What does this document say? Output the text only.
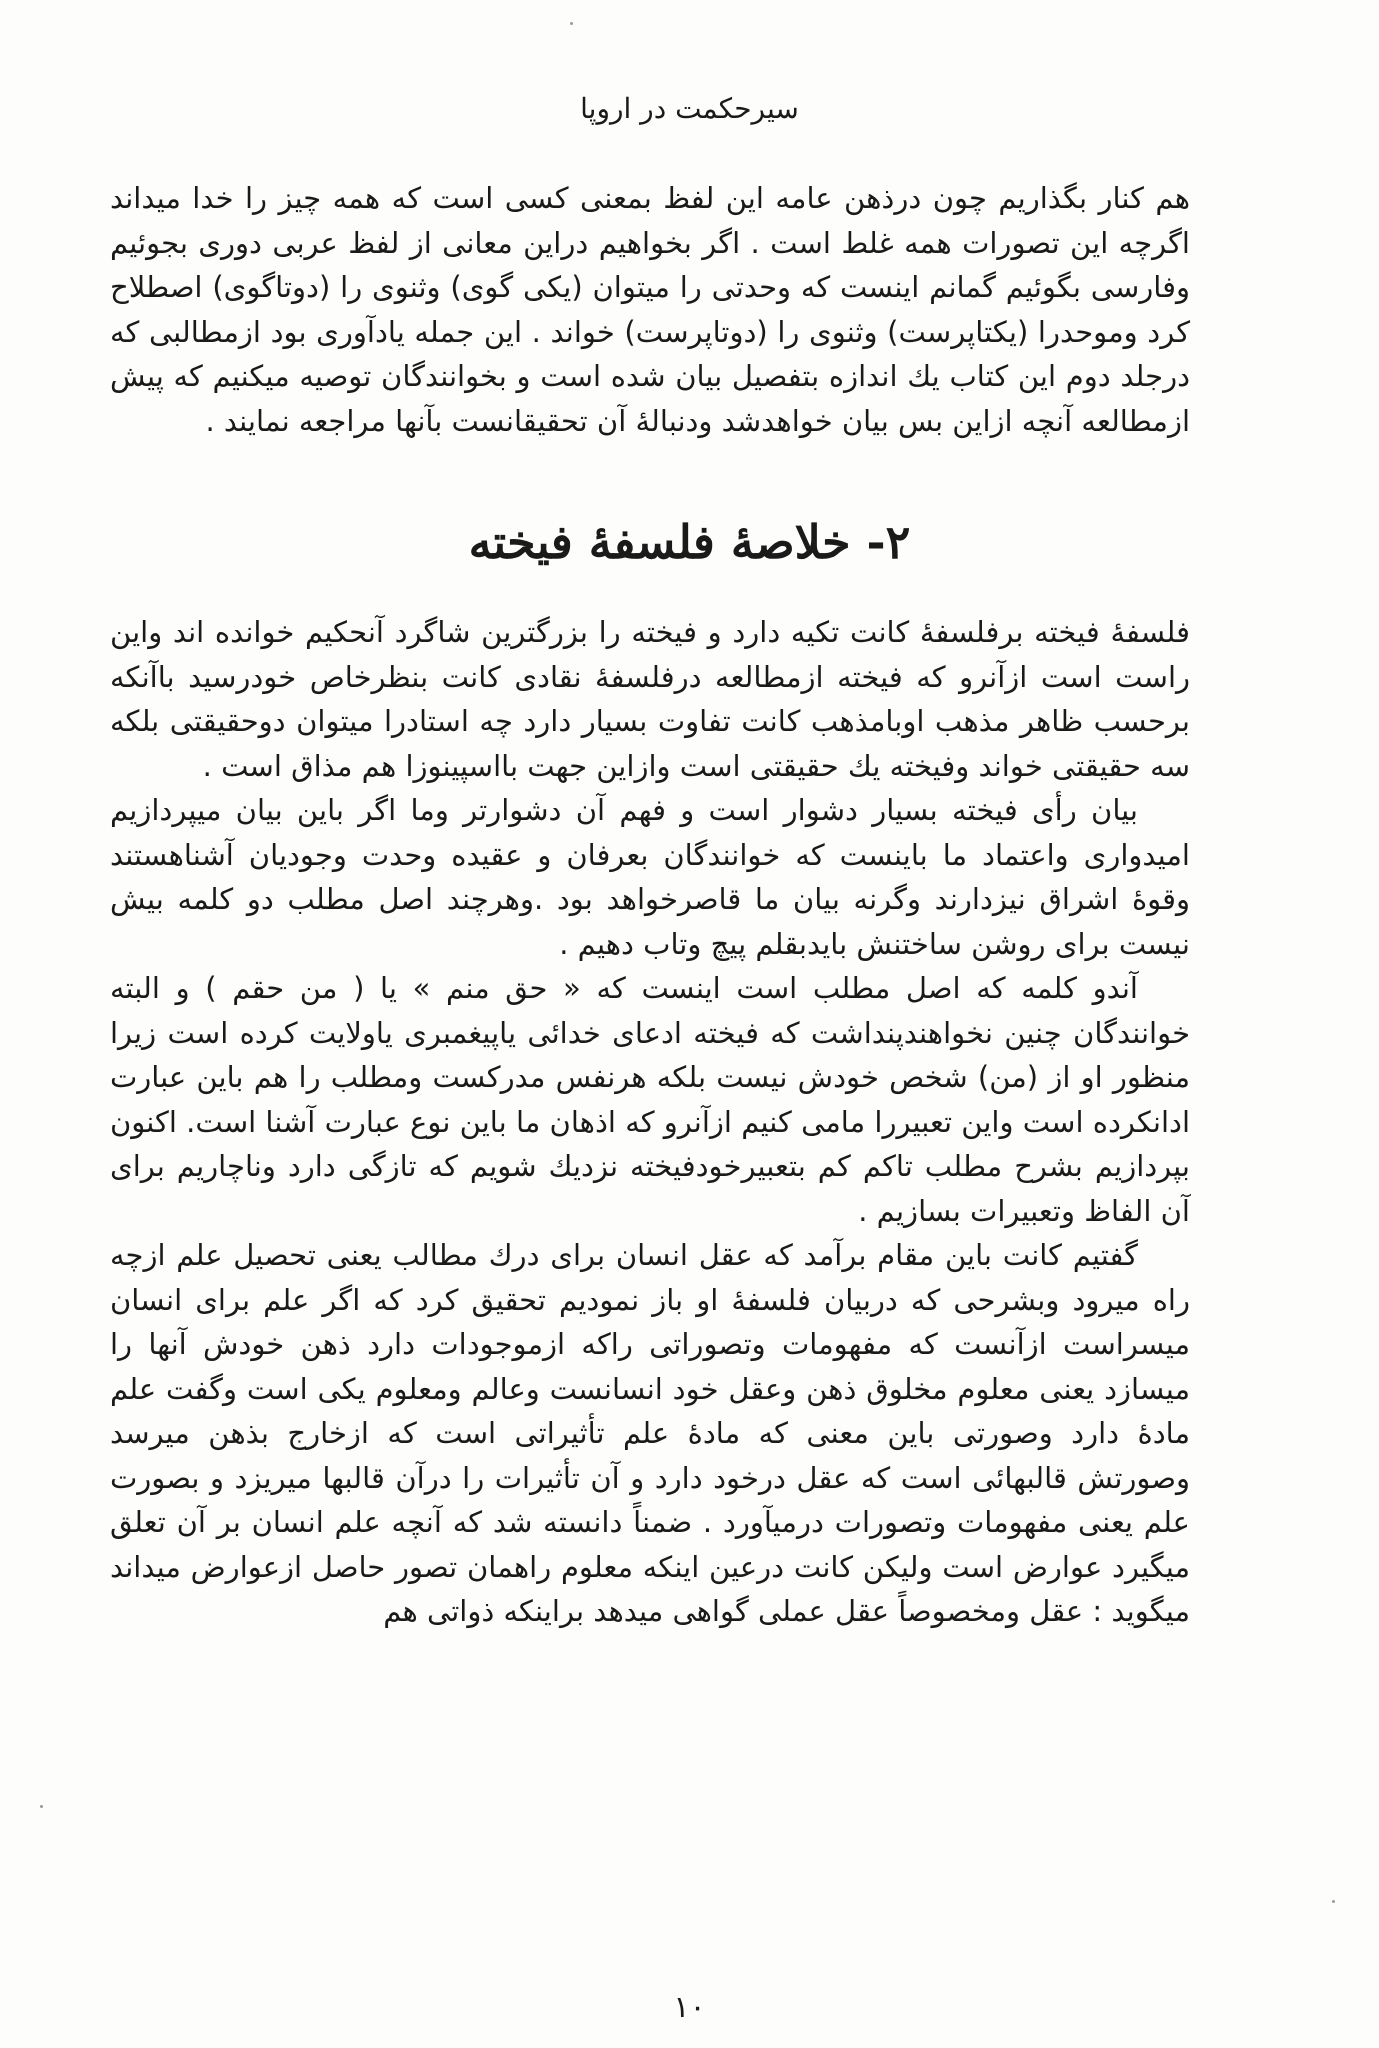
سیرحکمت در اروپا

هم کنار بگذاریم چون درذهن عامه این لفظ بمعنی کسی است که همه چیز را خدا میداند اگرچه این تصورات همه غلط است . اگر بخواهیم دراین معانی از لفظ عربی دوری بجوئیم وفارسی بگوئیم گمانم اینست که وحدتی را میتوان (یکی گوی) وثنوی را (دوتاگوی) اصطلاح کرد وموحدرا (یکتاپرست) وثنوی را (دوتاپرست) خواند . این جمله یادآوری بود ازمطالبی که درجلد دوم این کتاب یك اندازه بتفصیل بیان شده است و بخوانندگان توصیه میکنیم که پیش ازمطالعه آنچه ازاین بس بیان خواهدشد ودنبالهٔ آن تحقیقانست بآنها مراجعه نمایند .

۲- خلاصهٔ فلسفهٔ فیخته

فلسفهٔ فیخته برفلسفهٔ کانت تکیه دارد و فیخته را بزرگترین شاگرد آنحکیم خوانده اند واین راست است ازآنرو که فیخته ازمطالعه درفلسفهٔ نقادی کانت بنظرخاص خودرسید باآنکه برحسب ظاهر مذهب اوبامذهب کانت تفاوت بسیار دارد چه استادرا میتوان دوحقیقتی بلکه سه حقیقتی خواند وفیخته یك حقیقتی است وازاین جهت بااسپینوزا هم مذاق است .

بیان رأی فیخته بسیار دشوار است و فهم آن دشوارتر وما اگر باین بیان میپردازیم امیدواری واعتماد ما باینست که خوانندگان بعرفان و عقیده وحدت وجودیان آشناهستند وقوهٔ اشراق نیزدارند وگرنه بیان ما قاصرخواهد بود .وهرچند اصل مطلب دو کلمه بیش نیست برای روشن ساختنش بایدبقلم پیچ وتاب دهیم .

آندو کلمه که اصل مطلب است اینست که « حق منم » یا ( من حقم ) و البته خوانندگان چنین نخواهندپنداشت که فیخته ادعای خدائی یاپیغمبری یاولایت کرده است زیرا منظور او از (من) شخص خودش نیست بلکه هرنفس مدرکست ومطلب را هم باین عبارت ادانکرده است واین تعبیررا مامی کنیم ازآنرو که اذهان ما باین نوع عبارت آشنا است. اکنون بپردازیم بشرح مطلب تاکم کم بتعبیرخودفیخته نزدیك شویم که تازگی دارد وناچاریم برای آن الفاظ وتعبیرات بسازیم .

گفتیم کانت باین مقام برآمد که عقل انسان برای درك مطالب یعنی تحصیل علم ازچه راه میرود وبشرحی که دربیان فلسفهٔ او باز نمودیم تحقیق کرد که اگر علم برای انسان میسراست ازآنست که مفهومات وتصوراتی راکه ازموجودات دارد ذهن خودش آنها را میسازد یعنی معلوم مخلوق ذهن وعقل خود انسانست وعالم ومعلوم یکی است وگفت علم مادهٔ دارد وصورتی باین معنی که مادهٔ علم تأثیراتی است که ازخارج بذهن میرسد وصورتش قالبهائی است که عقل درخود دارد و آن تأثیرات را درآن قالبها میریزد و بصورت علم یعنی مفهومات وتصورات درمیآورد . ضمناً دانسته شد که آنچه علم انسان بر آن تعلق میگیرد عوارض است ولیکن کانت درعین اینکه معلوم راهمان تصور حاصل ازعوارض میداند میگوید : عقل ومخصوصاً عقل عملی گواهی میدهد براینکه ذواتی هم

۱۰
